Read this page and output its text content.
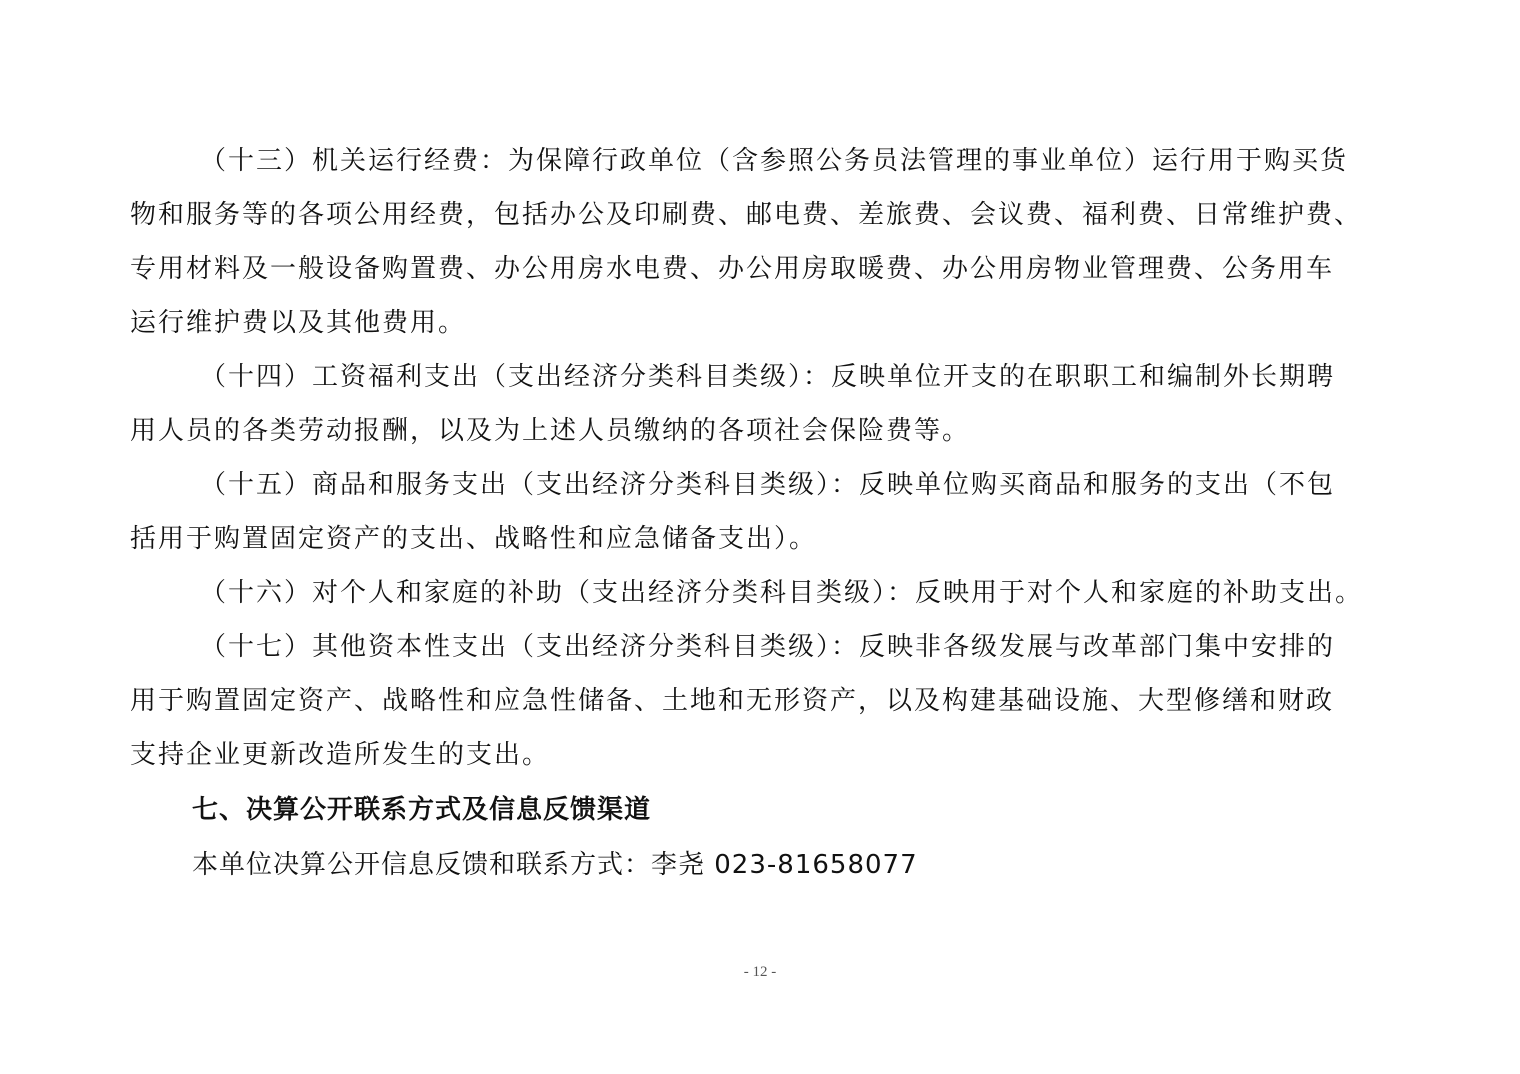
（十三）机关运行经费：为保障行政单位（含参照公务员法管理的事业单位）运行用于购买货
物和服务等的各项公用经费，包括办公及印刷费、邮电费、差旅费、会议费、福利费、日常维护费、
专用材料及一般设备购置费、办公用房水电费、办公用房取暖费、办公用房物业管理费、公务用车
运行维护费以及其他费用。
（十四）工资福利支出（支出经济分类科目类级）：反映单位开支的在职职工和编制外长期聘
用人员的各类劳动报酬，以及为上述人员缴纳的各项社会保险费等。
（十五）商品和服务支出（支出经济分类科目类级）：反映单位购买商品和服务的支出（不包
括用于购置固定资产的支出、战略性和应急储备支出）。
（十六）对个人和家庭的补助（支出经济分类科目类级）：反映用于对个人和家庭的补助支出。
（十七）其他资本性支出（支出经济分类科目类级）：反映非各级发展与改革部门集中安排的
用于购置固定资产、战略性和应急性储备、土地和无形资产，以及构建基础设施、大型修缮和财政
支持企业更新改造所发生的支出。
七、决算公开联系方式及信息反馈渠道
本单位决算公开信息反馈和联系方式：李尧 023-81658077
- 12 -
